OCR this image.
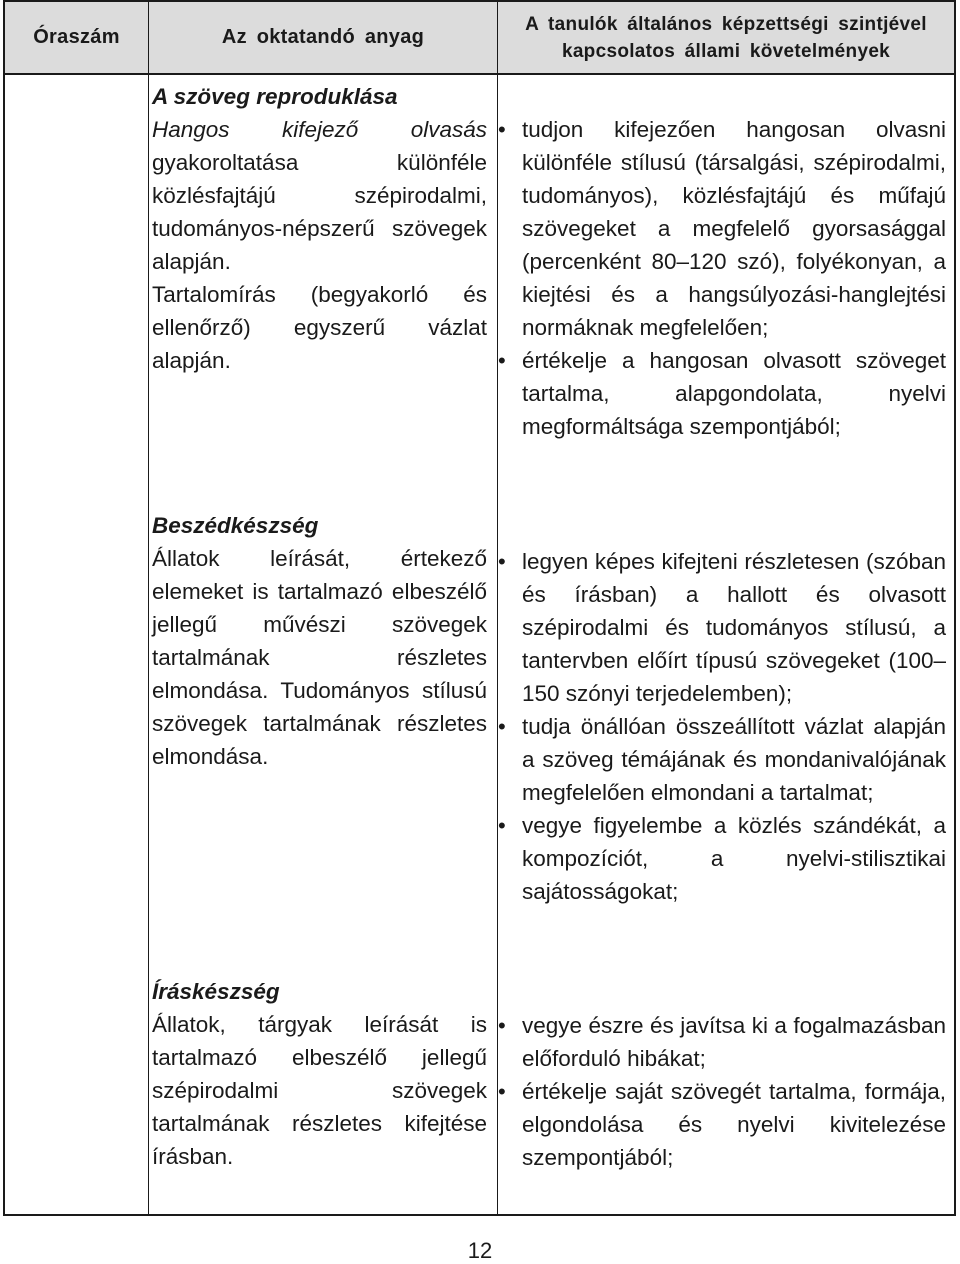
Óraszám	Az oktatandó anyag
A tanulók általános képzettségi szintjével
kapcsolatos állami követelmények
A szöveg reproduklása
Hangos kifejező olvasás gyakoroltatása különféle közlésfajtájú szépirodalmi, tudományos-népszerű szövegek alapján.
Tartalomírás (begyakorló és ellenőrző) egyszerű vázlat alapján.
• tudjon kifejezően hangosan olvasni különféle stílusú (társalgási, szépirodalmi, tudományos), közlésfajtájú és műfajú szövegeket a megfelelő gyorsasággal (percenként 80–120 szó), folyékonyan, a kiejtési és a hangsúlyozási-hanglejtési normáknak megfelelően;
• értékelje a hangosan olvasott szöveget tartalma, alapgondolata, nyelvi megformáltsága szempontjából;
Beszédkészség
Állatok leírását, értekező elemeket is tartalmazó elbeszélő jellegű művészi szövegek tartalmának részletes elmondása. Tudományos stílusú szövegek tartalmának részletes elmondása.
• legyen képes kifejteni részletesen (szóban és írásban) a hallott és olvasott szépirodalmi és tudományos stílusú, a tantervben előírt típusú szövegeket (100–150 szónyi terjedelemben);
• tudja önállóan összeállított vázlat alapján a szöveg témájának és mondanivalójának megfelelően elmondani a tartalmat;
• vegye figyelembe a közlés szándékát, a kompozíciót, a nyelvi-stilisztikai sajátosságokat;
Íráskészség
Állatok, tárgyak leírását is tartalmazó elbeszélő jellegű szépirodalmi szövegek tartalmának részletes kifejtése írásban.
• vegye észre és javítsa ki a fogalmazásban előforduló hibákat;
• értékelje saját szövegét tartalma, formája, elgondolása és nyelvi kivitelezése szempontjából;
12
